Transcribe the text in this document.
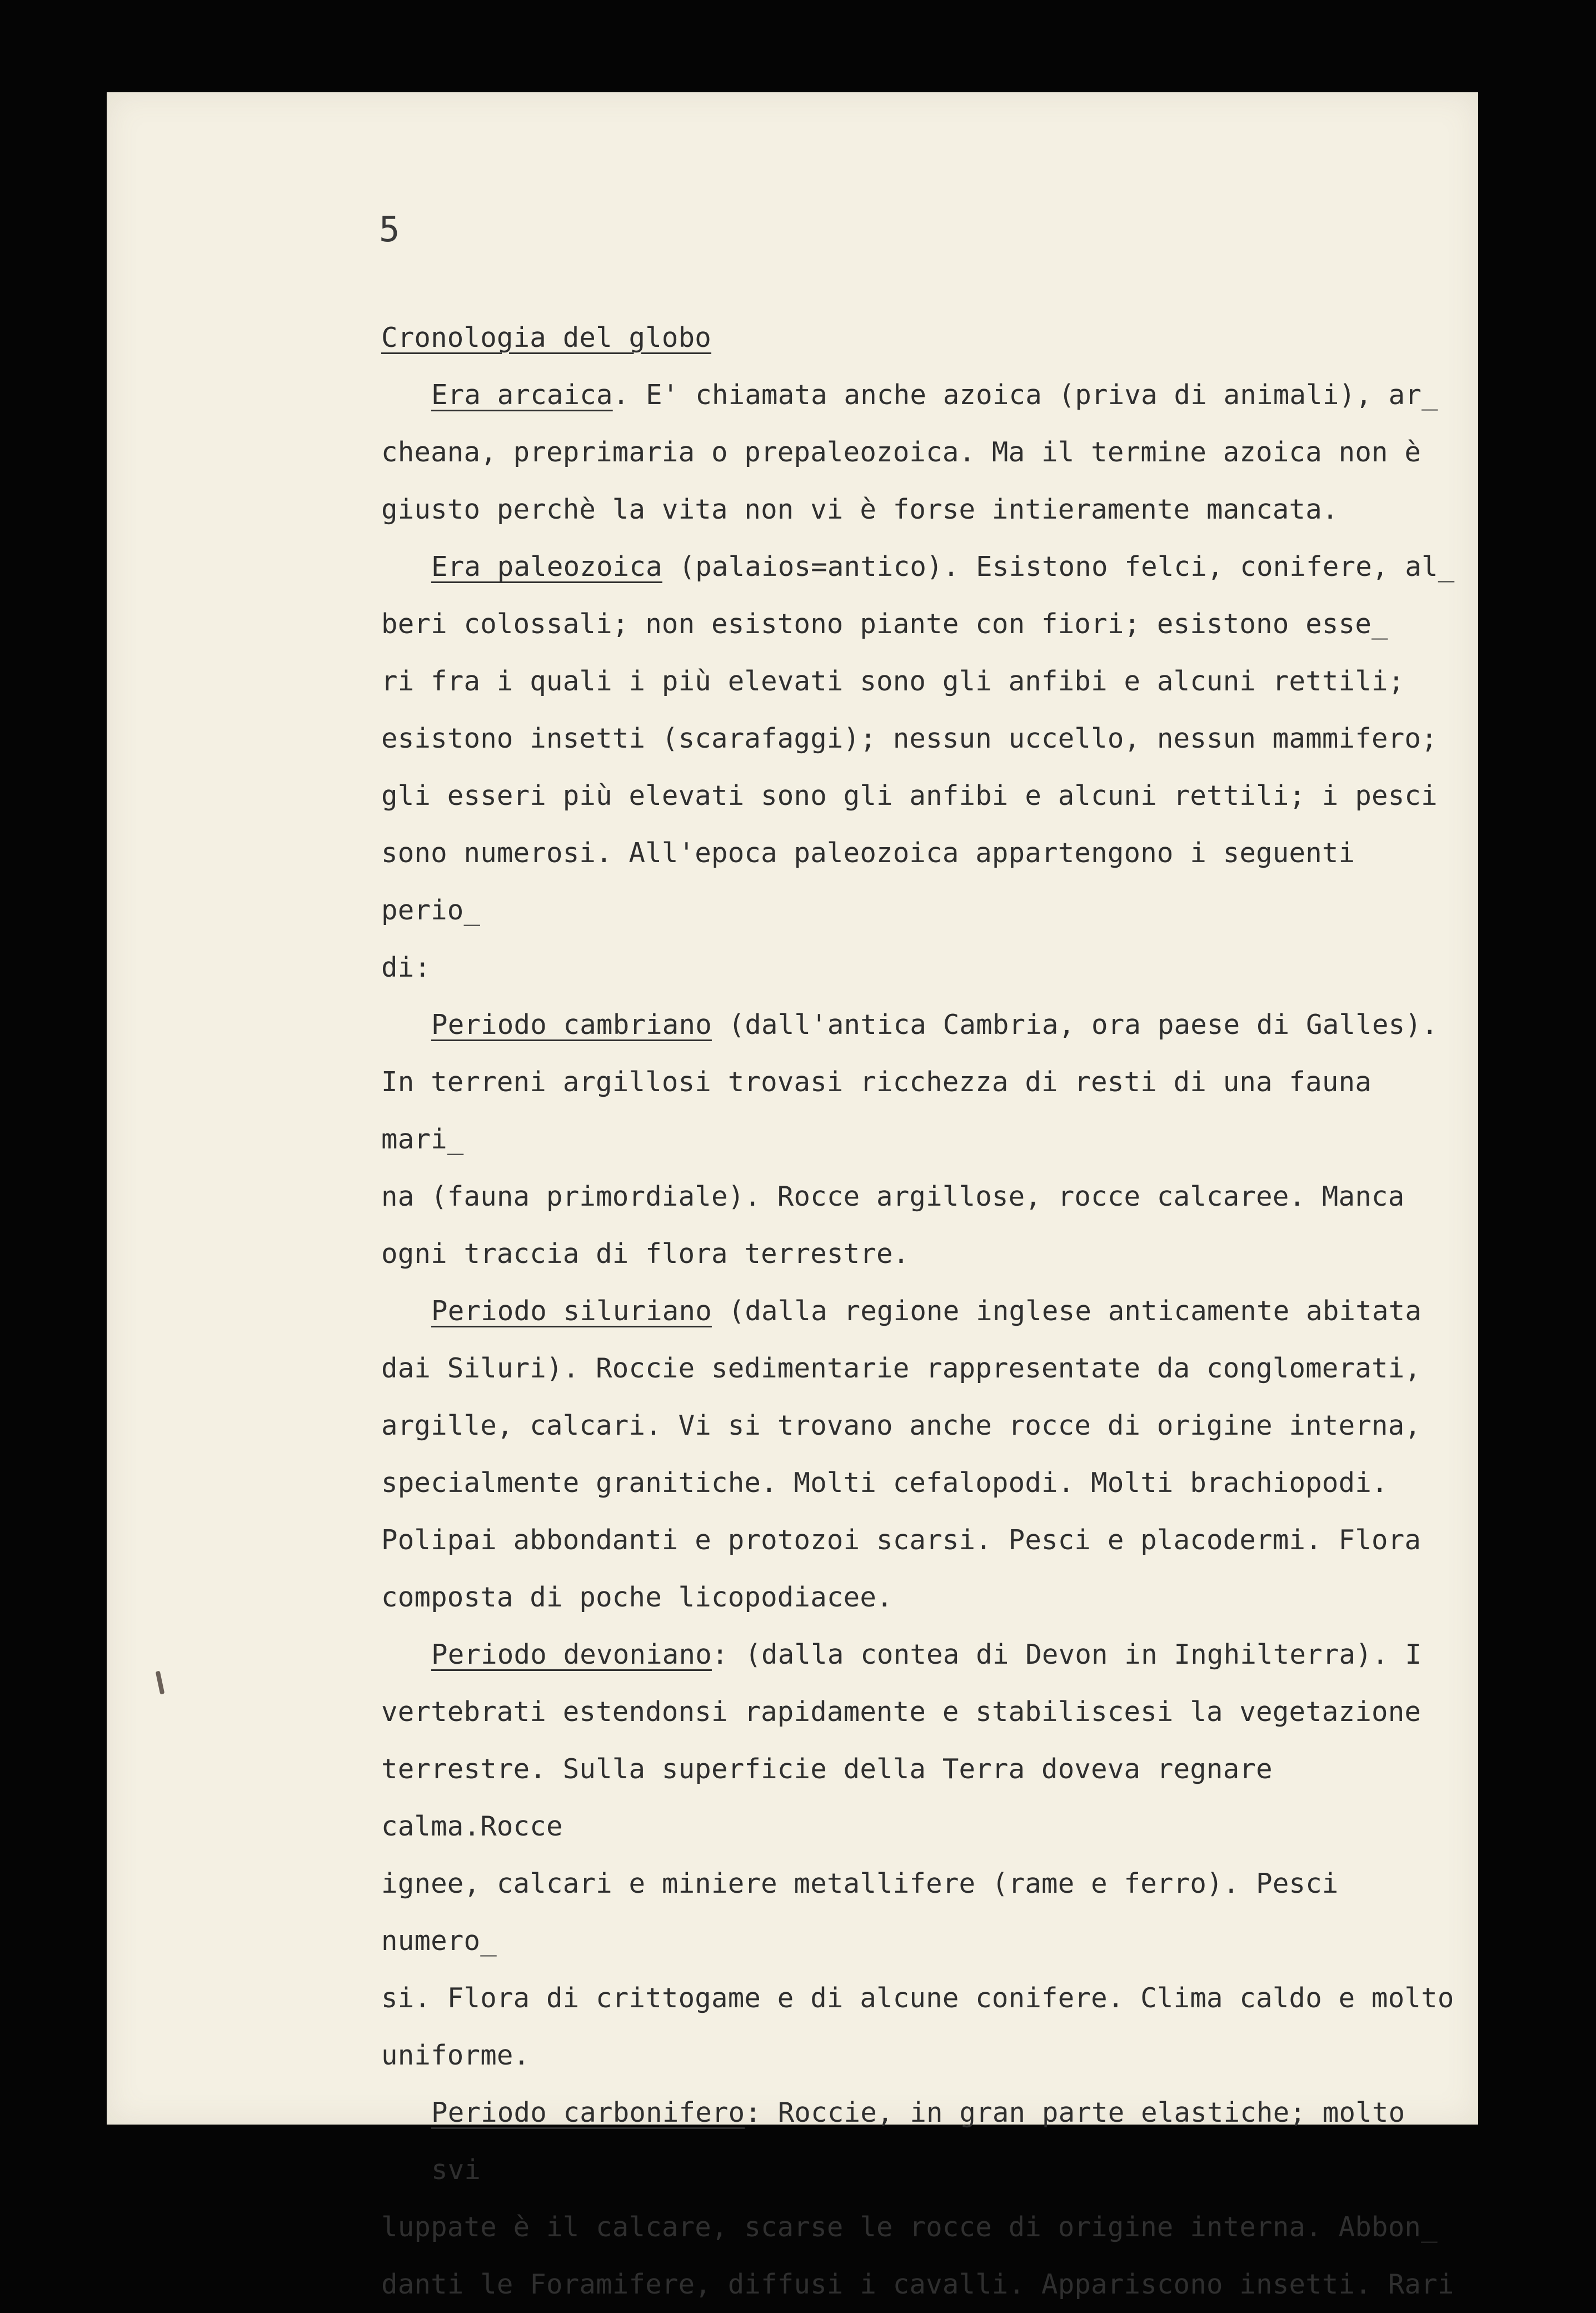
5

Cronologia del globo

Era arcaica. E' chiamata anche azoica (priva di animali), ar_

cheana, preprimaria o prepaleozoica. Ma il termine azoica non è

giusto perchè la vita non vi è forse intieramente mancata.

Era paleozoica (palaios=antico). Esistono felci, conifere, al_

beri colossali; non esistono piante con fiori; esistono esse_

ri fra i quali i più elevati sono gli anfibi e alcuni rettili;

esistono insetti (scarafaggi); nessun uccello, nessun mammifero;

gli esseri più elevati sono gli anfibi e alcuni rettili; i pesci

sono numerosi. All'epoca paleozoica appartengono i seguenti perio_

di:

Periodo cambriano (dall'antica Cambria, ora paese di Galles).

In terreni argillosi trovasi ricchezza di resti di una fauna mari_

na (fauna primordiale). Rocce argillose, rocce calcaree. Manca

ogni traccia di flora terrestre.

Periodo siluriano (dalla regione inglese anticamente abitata

dai Siluri). Roccie sedimentarie rappresentate da conglomerati,

argille, calcari. Vi si trovano anche rocce di origine interna,

specialmente granitiche. Molti cefalopodi. Molti brachiopodi.

Polipai abbondanti e protozoi scarsi. Pesci e placodermi. Flora

composta di poche licopodiacee.

Periodo devoniano: (dalla contea di Devon in Inghilterra). I

vertebrati estendonsi rapidamente e stabiliscesi la vegetazione

terrestre. Sulla superficie della Terra doveva regnare calma.Rocce

ignee, calcari e miniere metallifere (rame e ferro). Pesci numero_

si. Flora di crittogame e di alcune conifere. Clima caldo e molto

uniforme.

Periodo carbonifero: Roccie, in gran parte elastiche; molto svi

luppate è il calcare, scarse le rocce di origine interna. Abbon_

danti le Foramifere, diffusi i cavalli. Appariscono insetti. Rari
